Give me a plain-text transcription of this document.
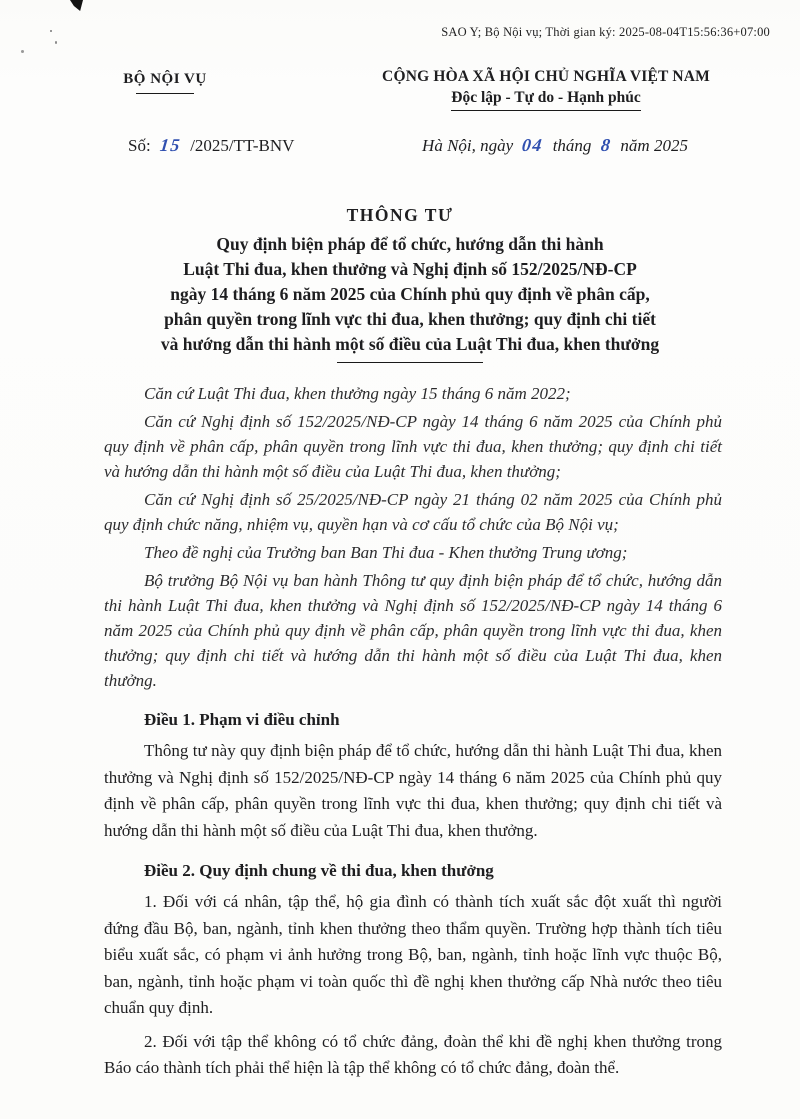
SAO Y; Bộ Nội vụ; Thời gian ký: 2025-08-04T15:56:36+07:00
BỘ NỘI VỤ	CỘNG HÒA XÃ HỘI CHỦ NGHĨA VIỆT NAM
Độc lập - Tự do - Hạnh phúc
Số: 15 /2025/TT-BNV	Hà Nội, ngày 04 tháng 8 năm 2025
THÔNG TƯ
Quy định biện pháp để tổ chức, hướng dẫn thi hành
Luật Thi đua, khen thưởng và Nghị định số 152/2025/NĐ-CP
ngày 14 tháng 6 năm 2025 của Chính phủ quy định về phân cấp,
phân quyền trong lĩnh vực thi đua, khen thưởng; quy định chi tiết
và hướng dẫn thi hành một số điều của Luật Thi đua, khen thưởng

Căn cứ Luật Thi đua, khen thưởng ngày 15 tháng 6 năm 2022;

Căn cứ Nghị định số 152/2025/NĐ-CP ngày 14 tháng 6 năm 2025 của Chính phủ quy định về phân cấp, phân quyền trong lĩnh vực thi đua, khen thưởng; quy định chi tiết và hướng dẫn thi hành một số điều của Luật Thi đua, khen thưởng;

Căn cứ Nghị định số 25/2025/NĐ-CP ngày 21 tháng 02 năm 2025 của Chính phủ quy định chức năng, nhiệm vụ, quyền hạn và cơ cấu tổ chức của Bộ Nội vụ;

Theo đề nghị của Trưởng ban Ban Thi đua - Khen thưởng Trung ương;

Bộ trưởng Bộ Nội vụ ban hành Thông tư quy định biện pháp để tổ chức, hướng dẫn thi hành Luật Thi đua, khen thưởng và Nghị định số 152/2025/NĐ-CP ngày 14 tháng 6 năm 2025 của Chính phủ quy định về phân cấp, phân quyền trong lĩnh vực thi đua, khen thưởng; quy định chi tiết và hướng dẫn thi hành một số điều của Luật Thi đua, khen thưởng.

Điều 1. Phạm vi điều chỉnh

Thông tư này quy định biện pháp để tổ chức, hướng dẫn thi hành Luật Thi đua, khen thưởng và Nghị định số 152/2025/NĐ-CP ngày 14 tháng 6 năm 2025 của Chính phủ quy định về phân cấp, phân quyền trong lĩnh vực thi đua, khen thưởng; quy định chi tiết và hướng dẫn thi hành một số điều của Luật Thi đua, khen thưởng.

Điều 2. Quy định chung về thi đua, khen thưởng

1. Đối với cá nhân, tập thể, hộ gia đình có thành tích xuất sắc đột xuất thì người đứng đầu Bộ, ban, ngành, tỉnh khen thưởng theo thẩm quyền. Trường hợp thành tích tiêu biểu xuất sắc, có phạm vi ảnh hưởng trong Bộ, ban, ngành, tỉnh hoặc lĩnh vực thuộc Bộ, ban, ngành, tỉnh hoặc phạm vi toàn quốc thì đề nghị khen thưởng cấp Nhà nước theo tiêu chuẩn quy định.

2. Đối với tập thể không có tổ chức đảng, đoàn thể khi đề nghị khen thưởng trong Báo cáo thành tích phải thể hiện là tập thể không có tổ chức đảng, đoàn thể.
